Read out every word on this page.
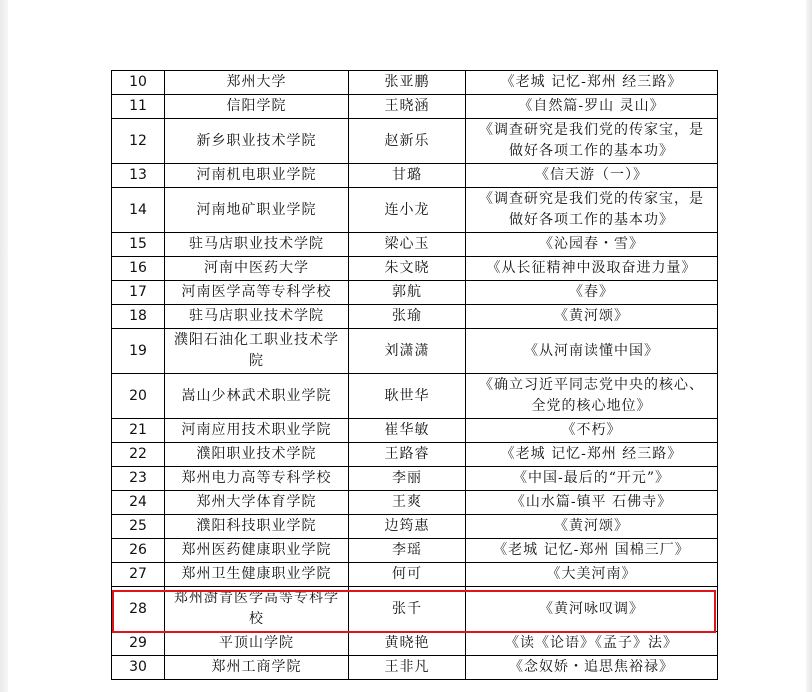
10	郑州大学	张亚鹏	《老城 记忆-郑州 经三路》
11	信阳学院	王晓涵	《自然篇-罗山 灵山》
12	新乡职业技术学院	赵新乐	《调查研究是我们党的传家宝，是做好各项工作的基本功》
13	河南机电职业学院	甘璐	《信天游（一）》
14	河南地矿职业学院	连小龙	《调查研究是我们党的传家宝，是做好各项工作的基本功》
15	驻马店职业技术学院	梁心玉	《沁园春・雪》
16	河南中医药大学	朱文晓	《从长征精神中汲取奋进力量》
17	河南医学高等专科学校	郭航	《春》
18	驻马店职业技术学院	张瑜	《黄河颂》
19	濮阳石油化工职业技术学院	刘潇潇	《从河南读懂中国》
20	嵩山少林武术职业学院	耿世华	《确立习近平同志党中央的核心、全党的核心地位》
21	河南应用技术职业学院	崔华敏	《不朽》
22	濮阳职业技术学院	王路睿	《老城 记忆-郑州 经三路》
23	郑州电力高等专科学校	李丽	《中国-最后的“开元”》
24	郑州大学体育学院	王爽	《山水篇-镇平 石佛寺》
25	濮阳科技职业学院	边筠惠	《黄河颂》
26	郑州医药健康职业学院	李瑶	《老城 记忆-郑州 国棉三厂》
27	郑州卫生健康职业学院	何可	《大美河南》
28	郑州澍青医学高等专科学校	张千	《黄河咏叹调》
29	平顶山学院	黄晓艳	《读《论语》《孟子》法》
30	郑州工商学院	王非凡	《念奴娇・追思焦裕禄》
